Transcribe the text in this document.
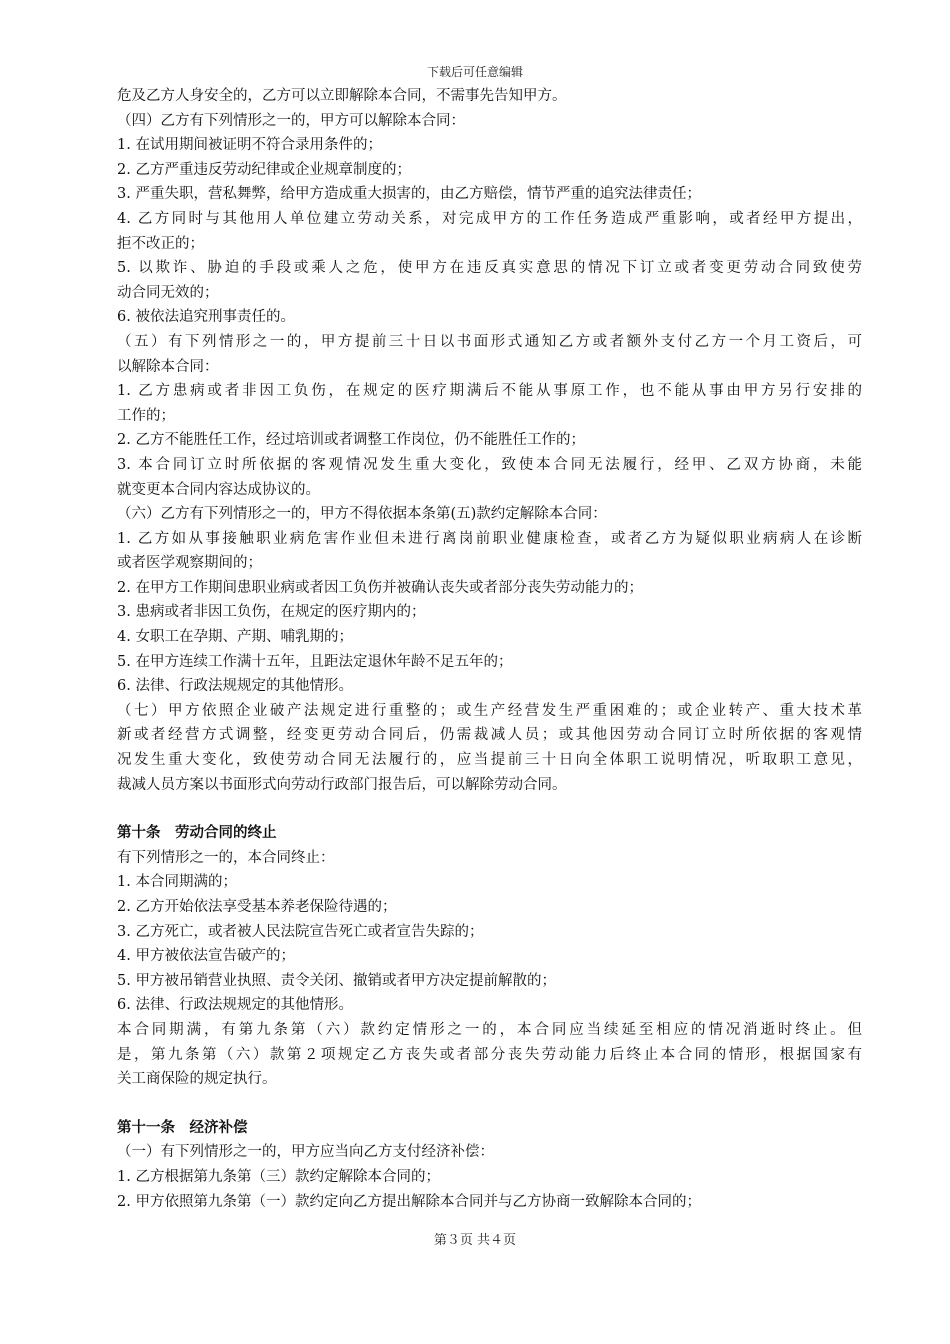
下载后可任意编辑

危及乙方人身安全的，乙方可以立即解除本合同，不需事先告知甲方。

（四）乙方有下列情形之一的，甲方可以解除本合同：

1. 在试用期间被证明不符合录用条件的；

2. 乙方严重违反劳动纪律或企业规章制度的；

3. 严重失职，营私舞弊，给甲方造成重大损害的，由乙方赔偿，情节严重的追究法律责任；

4. 乙方同时与其他用人单位建立劳动关系，对完成甲方的工作任务造成严重影响，或者经甲方提出，

拒不改正的；

5. 以欺诈、胁迫的手段或乘人之危，使甲方在违反真实意思的情况下订立或者变更劳动合同致使劳

动合同无效的；

6. 被依法追究刑事责任的。

（五）有下列情形之一的，甲方提前三十日以书面形式通知乙方或者额外支付乙方一个月工资后，可

以解除本合同：

1. 乙方患病或者非因工负伤，在规定的医疗期满后不能从事原工作，也不能从事由甲方另行安排的

工作的；

2. 乙方不能胜任工作，经过培训或者调整工作岗位，仍不能胜任工作的；

3. 本合同订立时所依据的客观情况发生重大变化，致使本合同无法履行，经甲、乙双方协商，未能

就变更本合同内容达成协议的。

（六）乙方有下列情形之一的，甲方不得依据本条第(五)款约定解除本合同：

1. 乙方如从事接触职业病危害作业但未进行离岗前职业健康检查，或者乙方为疑似职业病病人在诊断

或者医学观察期间的；

2. 在甲方工作期间患职业病或者因工负伤并被确认丧失或者部分丧失劳动能力的；

3. 患病或者非因工负伤，在规定的医疗期内的；

4. 女职工在孕期、产期、哺乳期的；

5. 在甲方连续工作满十五年，且距法定退休年龄不足五年的；

6. 法律、行政法规规定的其他情形。

（七）甲方依照企业破产法规定进行重整的；或生产经营发生严重困难的；或企业转产、重大技术革

新或者经营方式调整，经变更劳动合同后，仍需裁减人员；或其他因劳动合同订立时所依据的客观情

况发生重大变化，致使劳动合同无法履行的，应当提前三十日向全体职工说明情况，听取职工意见，

裁减人员方案以书面形式向劳动行政部门报告后，可以解除劳动合同。

第十条　劳动合同的终止

有下列情形之一的，本合同终止：

1. 本合同期满的；

2. 乙方开始依法享受基本养老保险待遇的；

3. 乙方死亡，或者被人民法院宣告死亡或者宣告失踪的；

4. 甲方被依法宣告破产的；

5. 甲方被吊销营业执照、责令关闭、撤销或者甲方决定提前解散的；

6. 法律、行政法规规定的其他情形。

本合同期满，有第九条第（六）款约定情形之一的，本合同应当续延至相应的情况消逝时终止。但

是，第九条第（六）款第２项规定乙方丧失或者部分丧失劳动能力后终止本合同的情形，根据国家有

关工商保险的规定执行。

第十一条　经济补偿

（一）有下列情形之一的，甲方应当向乙方支付经济补偿：

1. 乙方根据第九条第（三）款约定解除本合同的；

2. 甲方依照第九条第（一）款约定向乙方提出解除本合同并与乙方协商一致解除本合同的；

第３页 共４页
